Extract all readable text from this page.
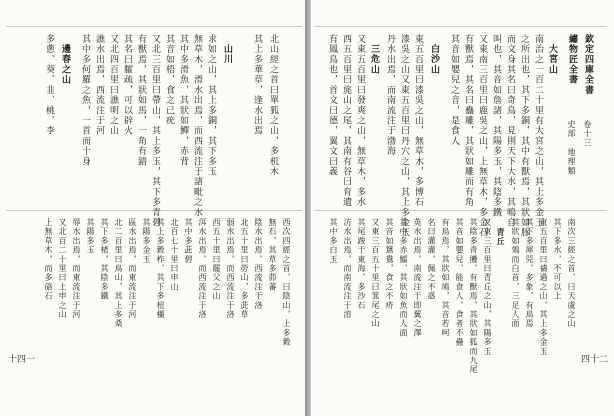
北山經之首曰單狐之山，多机木
其上多華草，逢水出焉
山川
求如之山，其上多銅，其下多玉
無草木，滑水出焉，而西流注于諸毗之水
其中多滑魚，其狀如鱓，赤背
其音如梧，食之已疣
又北三百里曰帶山，其上多玉，其下多青碧
有獸焉，其狀如馬，一角有錯
其名曰臛疏，可以辟火
又北四百里曰譙明之山
譙水出焉，西流注于河
其中多何羅之魚，一首而十身
邊春之山
多蔥、葵、韭、桃、李
十四一
西次四經之首，曰陰山，上多穀
無石，其草多茆蕃
陰水出焉，西流注于洛
北五十里曰勞山，多茈草
弱水出焉，而西流注于洛
西五十里曰罷父之山
洱水出焉，而西流注于洛
其中多茈碧
北百七十里曰申山
其上多穀柞，其下多杻橿
其陽多金玉
區水出焉，而東流注于河
北二百里曰鳥山，其上多桑
其下多楮，其陰多鐵
其陽多玉
辱水出焉，而東流注于河
又北百二十里曰上申之山
上無草木，而多硌石
欽定四庫全書
繡物匠全書
史部
地理類
卷十三
大宮山
南治之一百二十里有大宮之山，其上多金玉
之所出也，其下多銅，其中有獸焉，其狀如豚
而文身其名曰奇鳥，見則天下大水，其鳴自
叫也，其音如詹諸，其陽多玉，其陰多鐵
又東南三百里曰鹿吳之山，上無草木，多金石
有獸焉，其名曰蠱雕，其狀如雕而有角
其音如嬰兒之音，是食人
白沙山
東五百里曰漆吳之山，無草木，多博石
漆吳之山又東五百里曰丹穴之山，其上多金玉
丹水出焉，而南流注于渤海
三危山
又東五百里曰發爽之山，無草木，多水
西五百里曰旄山之尾，其南有谷曰育遺
有鳳鳥也，首文曰德，翼文曰義
四十二
南次三經之首，曰天虞之山
其下多水，不可以上
東五百里曰禱過之山，其上多金玉
其下多犀兕，多象，有鳥焉
其狀如鵁而白首，三足人面
青丘
又東三百里曰青丘之山，其陽多玉
其陰多青雘，有獸焉，其狀如狐而九尾
其音如嬰兒，能食人，食者不蠱
有鳥焉，其狀如鳩，其音若呵
名曰灌灌，佩之不惑
英水出焉，南流注于即翼之澤
其中多赤鱬，其狀如魚而人面
其音如鴛鴦，食之不疥
又東三百五十里曰箕尾之山
其尾踆于東海，多沙石
汸水出焉，而南流注于淯
其中多白玉
